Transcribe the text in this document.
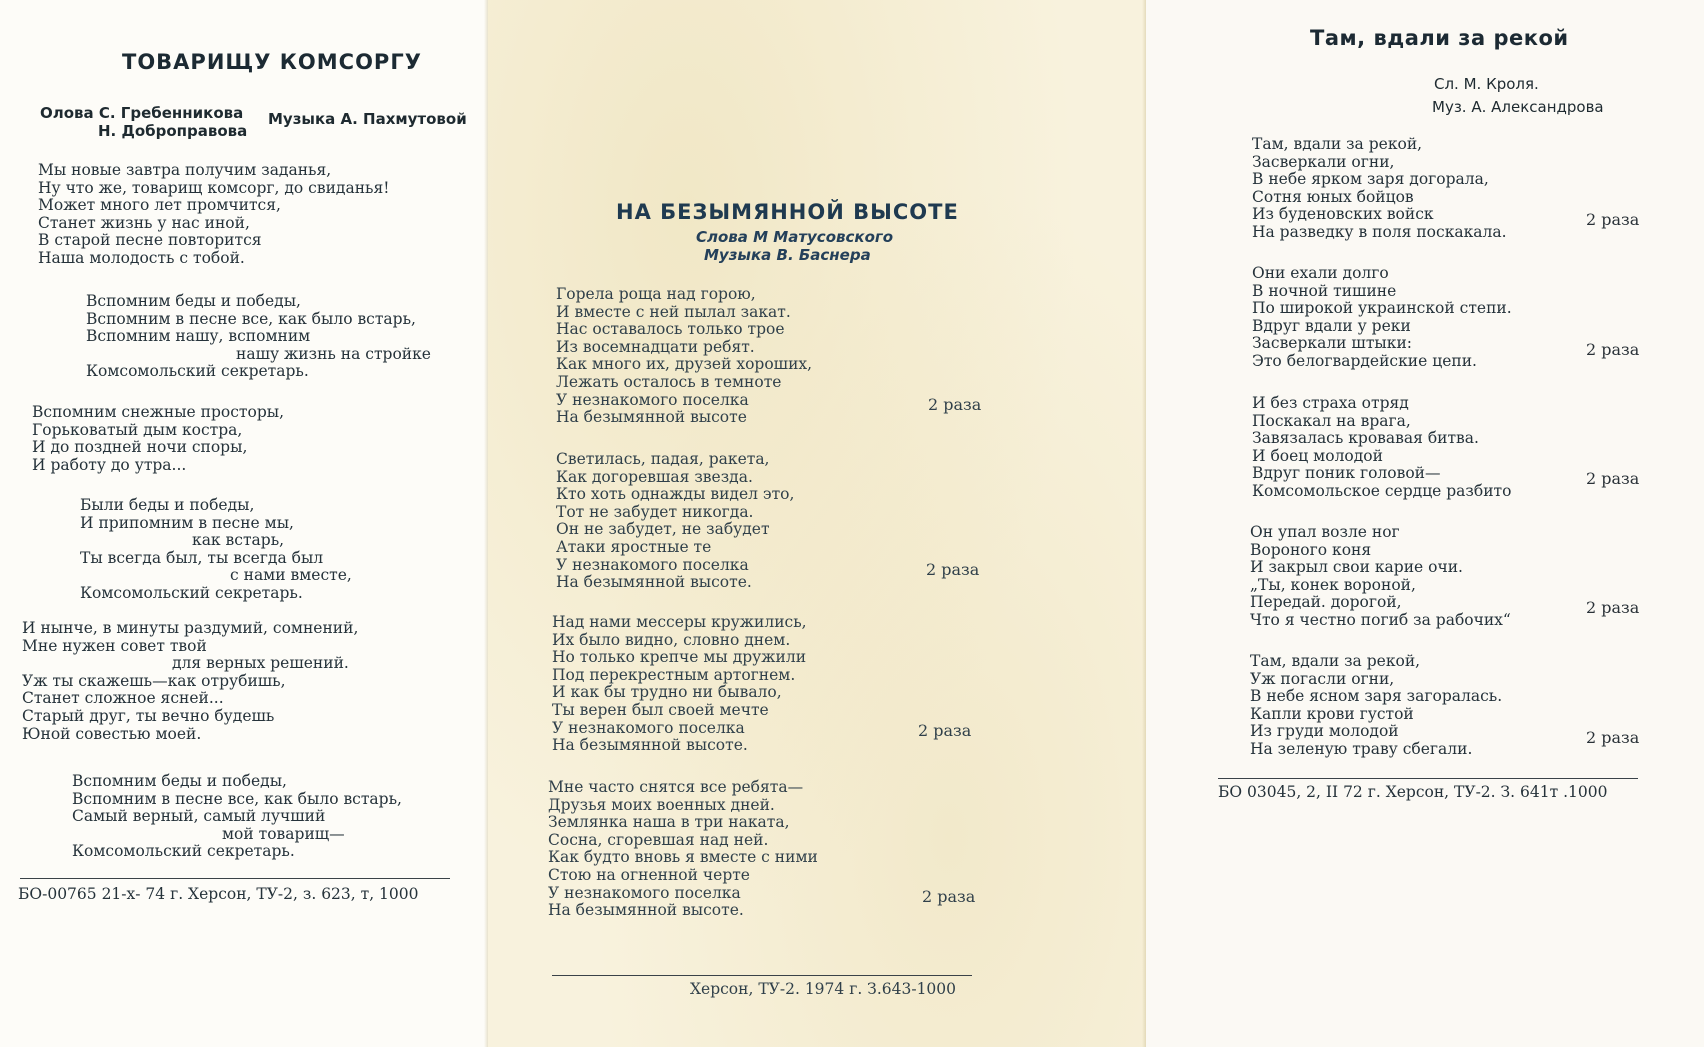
ТОВАРИЩУ КОМСОРГУ
Олова С. Гребенникова
Н. Доброправова
Музыка А. Пахмутовой
Мы новые завтра получим заданья,
Ну что же, товарищ комсорг, до свиданья!
Может много лет промчится,
Станет жизнь у нас иной,
В старой песне повторится
Наша молодость с тобой.
Вспомним беды и победы,
Вспомним в песне все, как было встарь,
Вспомним нашу, вспомним
нашу жизнь на стройке
Комсомольский секретарь.
Вспомним снежные просторы,
Горьковатый дым костра,
И до поздней ночи споры,
И работу до утра...
Были беды и победы,
И припомним в песне мы,
как встарь,
Ты всегда был, ты всегда был
с нами вместе,
Комсомольский секретарь.
И нынче, в минуты раздумий, сомнений,
Мне нужен совет твой
для верных решений.
Уж ты скажешь—как отрубишь,
Станет сложное ясней...
Старый друг, ты вечно будешь
Юной совестью моей.
Вспомним беды и победы,
Вспомним в песне все, как было встарь,
Самый верный, самый лучший
мой товарищ—
Комсомольский секретарь.
БО-00765 21-х- 74 г. Херсон, ТУ-2, з. 623, т, 1000
НА БЕЗЫМЯННОЙ ВЫСОТЕ
Слова М Матусовского
Музыка В. Баснера
Горела роща над горою,
И вместе с ней пылал закат.
Нас оставалось только трое
Из восемнадцати ребят.
Как много их, друзей хороших,
Лежать осталось в темноте
У незнакомого поселка
На безымянной высоте
2 раза
Светилась, падая, ракета,
Как догоревшая звезда.
Кто хоть однажды видел это,
Тот не забудет никогда.
Он не забудет, не забудет
Атаки яростные те
У незнакомого поселка
На безымянной высоте.
2 раза
Над нами мессеры кружились,
Их было видно, словно днем.
Но только крепче мы дружили
Под перекрестным артогнем.
И как бы трудно ни бывало,
Ты верен был своей мечте
У незнакомого поселка
На безымянной высоте.
2 раза
Мне часто снятся все ребята—
Друзья моих военных дней.
Землянка наша в три наката,
Сосна, сгоревшая над ней.
Как будто вновь я вместе с ними
Стою на огненной черте
У незнакомого поселка
На безымянной высоте.
2 раза
Херсон, ТУ-2. 1974 г. З.643-1000
Там, вдали за рекой
Сл. М. Кроля.
Муз. А. Александрова
Там, вдали за рекой,
Засверкали огни,
В небе ярком заря догорала,
Сотня юных бойцов
Из буденовских войск
На разведку в поля поскакала.
2 раза
Они ехали долго
В ночной тишине
По широкой украинской степи.
Вдруг вдали у реки
Засверкали штыки:
Это белогвардейские цепи.
2 раза
И без страха отряд
Поскакал на врага,
Завязалась кровавая битва.
И боец молодой
Вдруг поник головой—
Комсомольское сердце разбито
2 раза
Он упал возле ног
Вороного коня
И закрыл свои карие очи.
„Ты, конек вороной,
Передай. дорогой,
Что я честно погиб за рабочих“
2 раза
Там, вдали за рекой,
Уж погасли огни,
В небе ясном заря загоралась.
Капли крови густой
Из груди молодой
На зеленую траву сбегали.
2 раза
БО 03045, 2, II 72 г. Херсон, ТУ-2. З. 641т .1000
